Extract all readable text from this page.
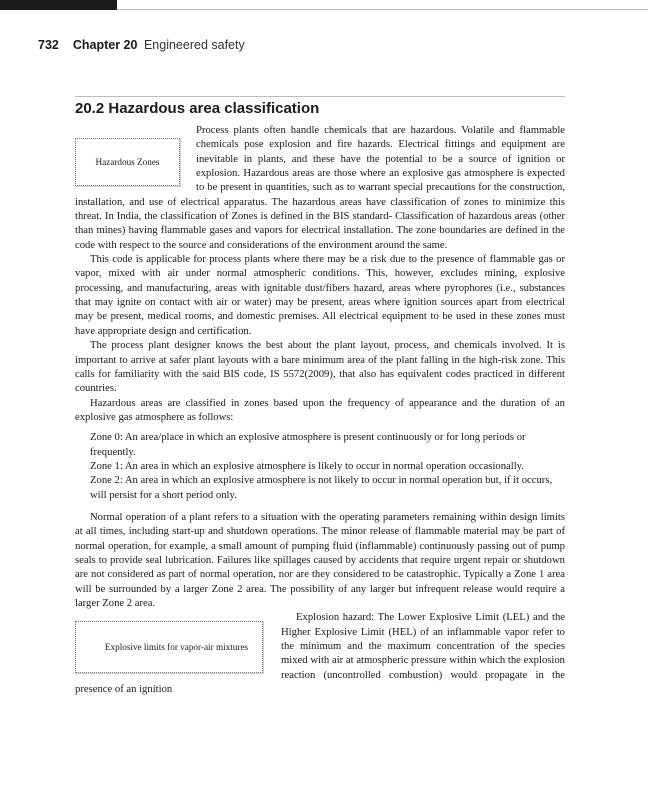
732 Chapter 20 Engineered safety
20.2 Hazardous area classification

Hazardous Zones
Process plants often handle chemicals that are hazardous. Volatile and flammable chemicals pose explosion and fire hazards. Electrical fittings and equipment are inevitable in plants, and these have the potential to be a source of ignition or explosion. Hazardous areas are those where an explosive gas atmosphere is expected to be present in quantities, such as to warrant special precautions for the construction, installation, and use of electrical apparatus. The hazardous areas have classification of zones to minimize this threat. In India, the classification of Zones is defined in the BIS standard- Classification of hazardous areas (other than mines) having flammable gases and vapors for electrical installation. The zone boundaries are defined in the code with respect to the source and considerations of the environment around the same.

This code is applicable for process plants where there may be a risk due to the presence of flammable gas or vapor, mixed with air under normal atmospheric conditions. This, however, excludes mining, explosive processing, and manufacturing, areas with ignitable dust/fibers hazard, areas where pyrophores (i.e., substances that may ignite on contact with air or water) may be present, areas where ignition sources apart from electrical may be present, medical rooms, and domestic premises. All electrical equipment to be used in these zones must have appropriate design and certification.

The process plant designer knows the best about the plant layout, process, and chemicals involved. It is important to arrive at safer plant layouts with a bare minimum area of the plant falling in the high-risk zone. This calls for familiarity with the said BIS code, IS 5572(2009), that also has equivalent codes practiced in different countries.

Hazardous areas are classified in zones based upon the frequency of appearance and the duration of an explosive gas atmosphere as follows:

Zone 0: An area/place in which an explosive atmosphere is present continuously or for long periods or frequently.

Zone 1: An area in which an explosive atmosphere is likely to occur in normal operation occasionally.

Zone 2: An area in which an explosive atmosphere is not likely to occur in normal operation but, if it occurs, will persist for a short period only.

Normal operation of a plant refers to a situation with the operating parameters remaining within design limits at all times, including start-up and shutdown operations. The minor release of flammable material may be part of normal operation, for example, a small amount of pumping fluid (inflammable) continuously passing out of pump seals to provide seal lubrication. Failures like spillages caused by accidents that require urgent repair or shutdown are not considered as part of normal operation, nor are they considered to be catastrophic. Typically a Zone 1 area will be surrounded by a larger Zone 2 area. The possibility of any larger but infrequent release would require a larger Zone 2 area.

Explosive limits for vapor-air mixtures
Explosion hazard: The Lower Explosive Limit (LEL) and the Higher Explosive Limit (HEL) of an inflammable vapor refer to the minimum and the maximum concentration of the species mixed with air at atmospheric pressure within which the explosion reaction (uncontrolled combustion) would propagate in the presence of an ignition
